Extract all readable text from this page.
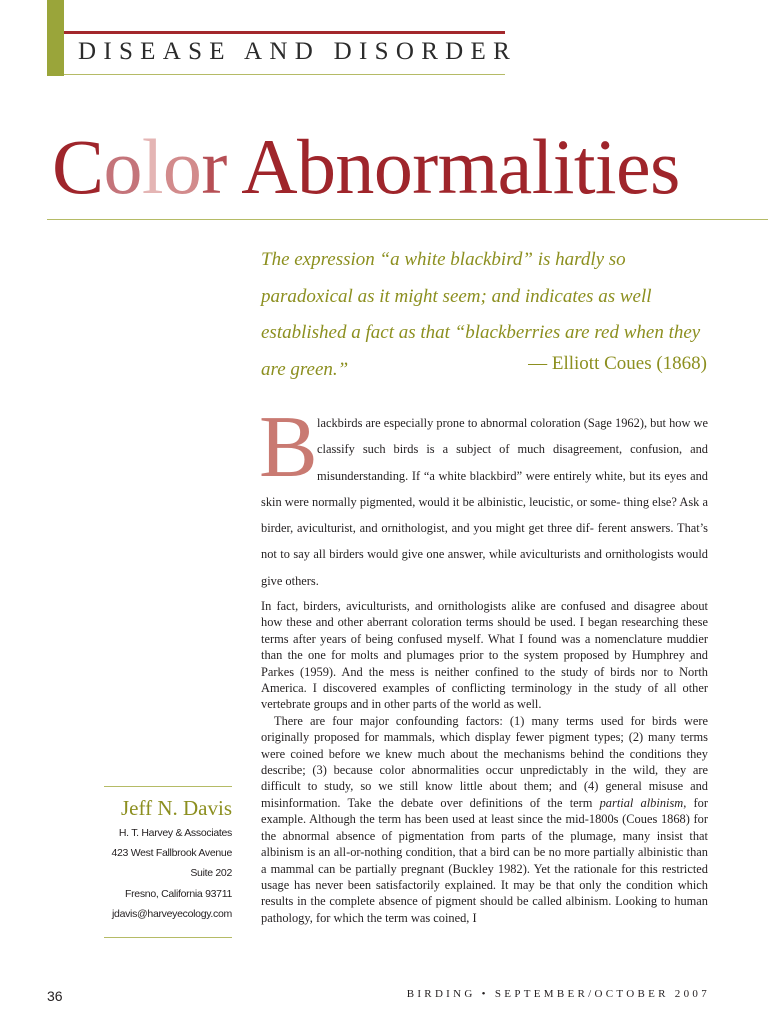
DISEASE AND DISORDER
Color Abnormalities

The expression “a white blackbird” is hardly so paradoxical as it might seem; and indicates as well established a fact as that “blackberries are red when they are green.”	— Elliott Coues (1868)
B lackbirds are especially prone to abnormal coloration (Sage 1962), but how we classify such birds is a subject of much disagreement, confusion, and misunderstanding. If “a white blackbird” were entirely white, but its eyes and skin were normally pigmented, would it be albinistic, leucistic, or some- thing else? Ask a birder, aviculturist, and ornithologist, and you might get three dif- ferent answers. That’s not to say all birders would give one answer, while aviculturists and ornithologists would give others.

In fact, birders, aviculturists, and ornithologists alike are confused and disagree about how these and other aberrant coloration terms should be used. I began researching these terms after years of being confused myself. What I found was a nomenclature muddier than the one for molts and plumages prior to the system proposed by Humphrey and Parkes (1959). And the mess is neither confined to the study of birds nor to North America. I discovered examples of conflicting terminology in the study of all other vertebrate groups and in other parts of the world as well.

There are four major confounding factors: (1) many terms used for birds were originally proposed for mammals, which display fewer pigment types; (2) many terms were coined before we knew much about the mechanisms behind the conditions they describe; (3) because color abnormalities occur unpredictably in the wild, they are difficult to study, so we still know little about them; and (4) general misuse and misinformation. Take the debate over definitions of the term partial albinism, for example. Although the term has been used at least since the mid-1800s (Coues 1868) for the abnormal absence of pigmentation from parts of the plumage, many insist that albinism is an all-or-nothing condition, that a bird can be no more partially albinistic than a mammal can be partially pregnant (Buckley 1982). Yet the rationale for this restricted usage has never been satisfactorily explained. It may be that only the condition which results in the complete absence of pigment should be called albinism. Looking to human pathology, for which the term was coined, I

Jeff N. Davis
H. T. Harvey & Associates
423 West Fallbrook Avenue
Suite 202
Fresno, California 93711
jdavis@harveyecology.com
36	BIRDING • SEPTEMBER/OCTOBER 2007
